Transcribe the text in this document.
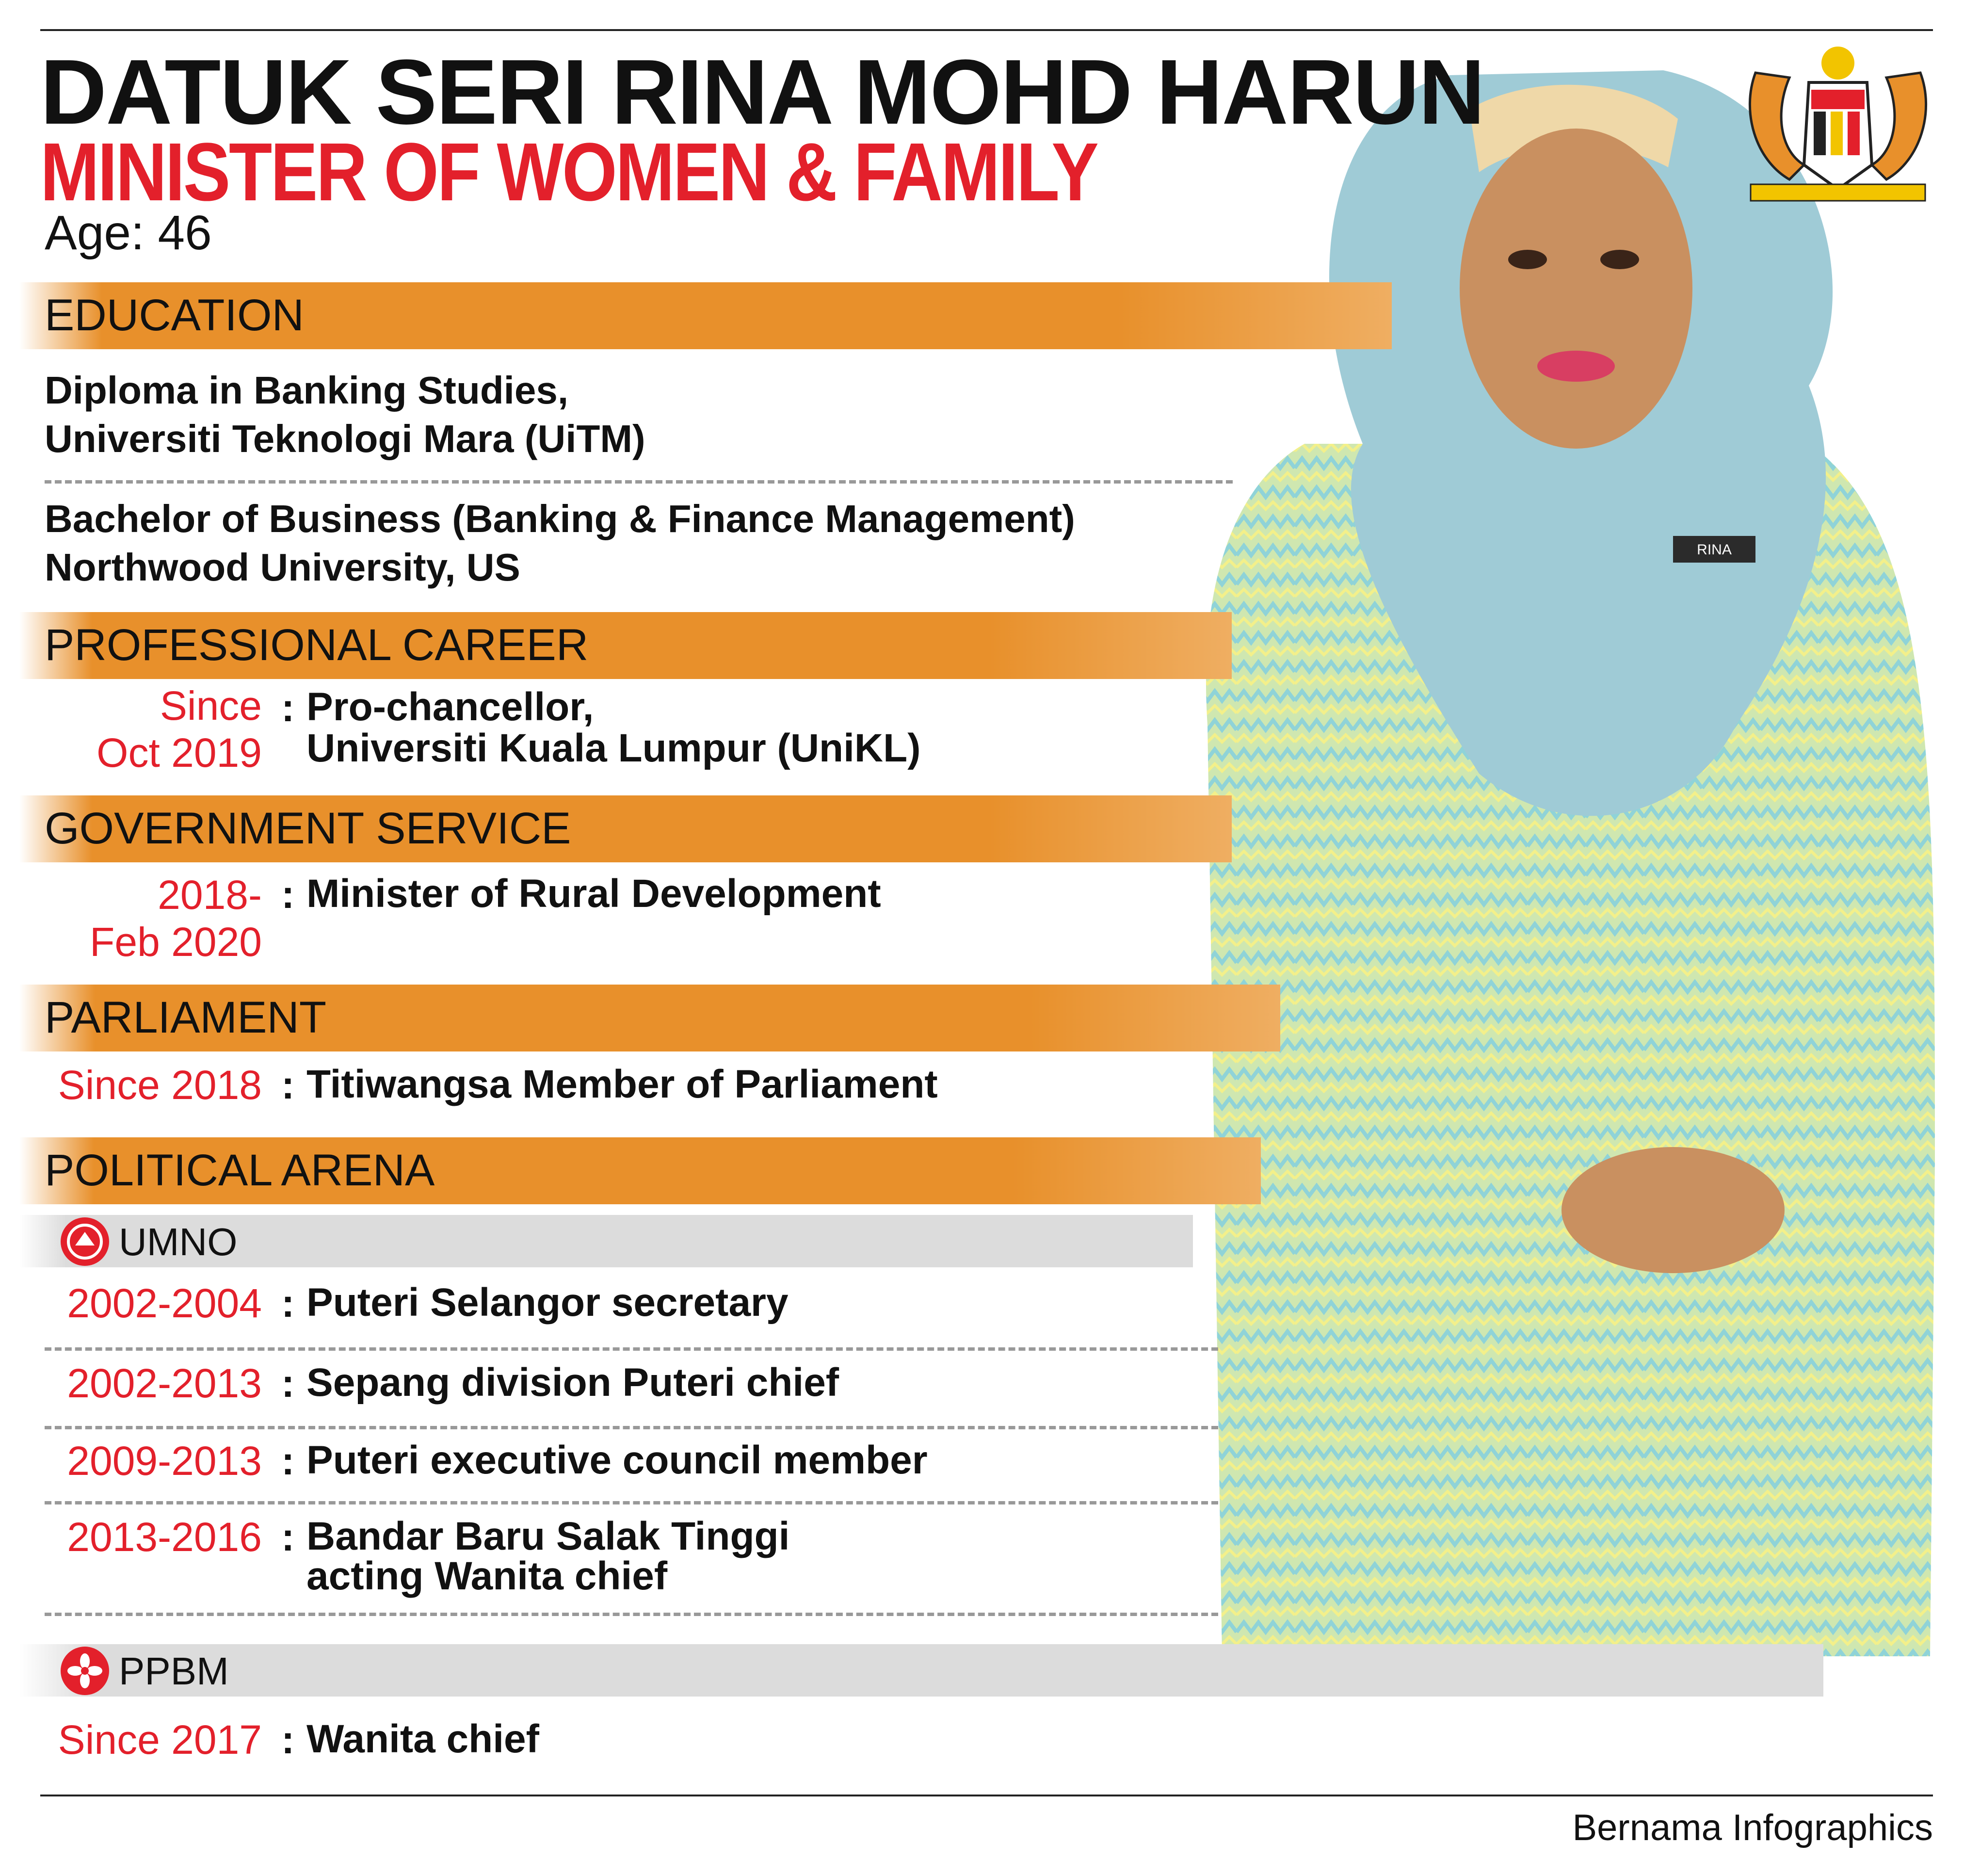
RINA
DATUK SERI RINA MOHD HARUN
MINISTER OF WOMEN & FAMILY
Age: 46
EDUCATION
Diploma in Banking Studies,
Universiti Teknologi Mara (UiTM)
Bachelor of Business (Banking & Finance Management)
Northwood University, US
PROFESSIONAL CAREER
Since
Oct 2019
: Pro-chancellor,
Universiti Kuala Lumpur (UniKL)
GOVERNMENT SERVICE
2018-
Feb 2020
: Minister of Rural Development
PARLIAMENT
Since 2018 : Titiwangsa Member of Parliament
POLITICAL ARENA
UMNO
2002-2004 : Puteri Selangor secretary
2002-2013 : Sepang division Puteri chief
2009-2013 : Puteri executive council member
2013-2016 : Bandar Baru Salak Tinggi
acting Wanita chief
PPBM
Since 2017 : Wanita chief
Bernama Infographics
